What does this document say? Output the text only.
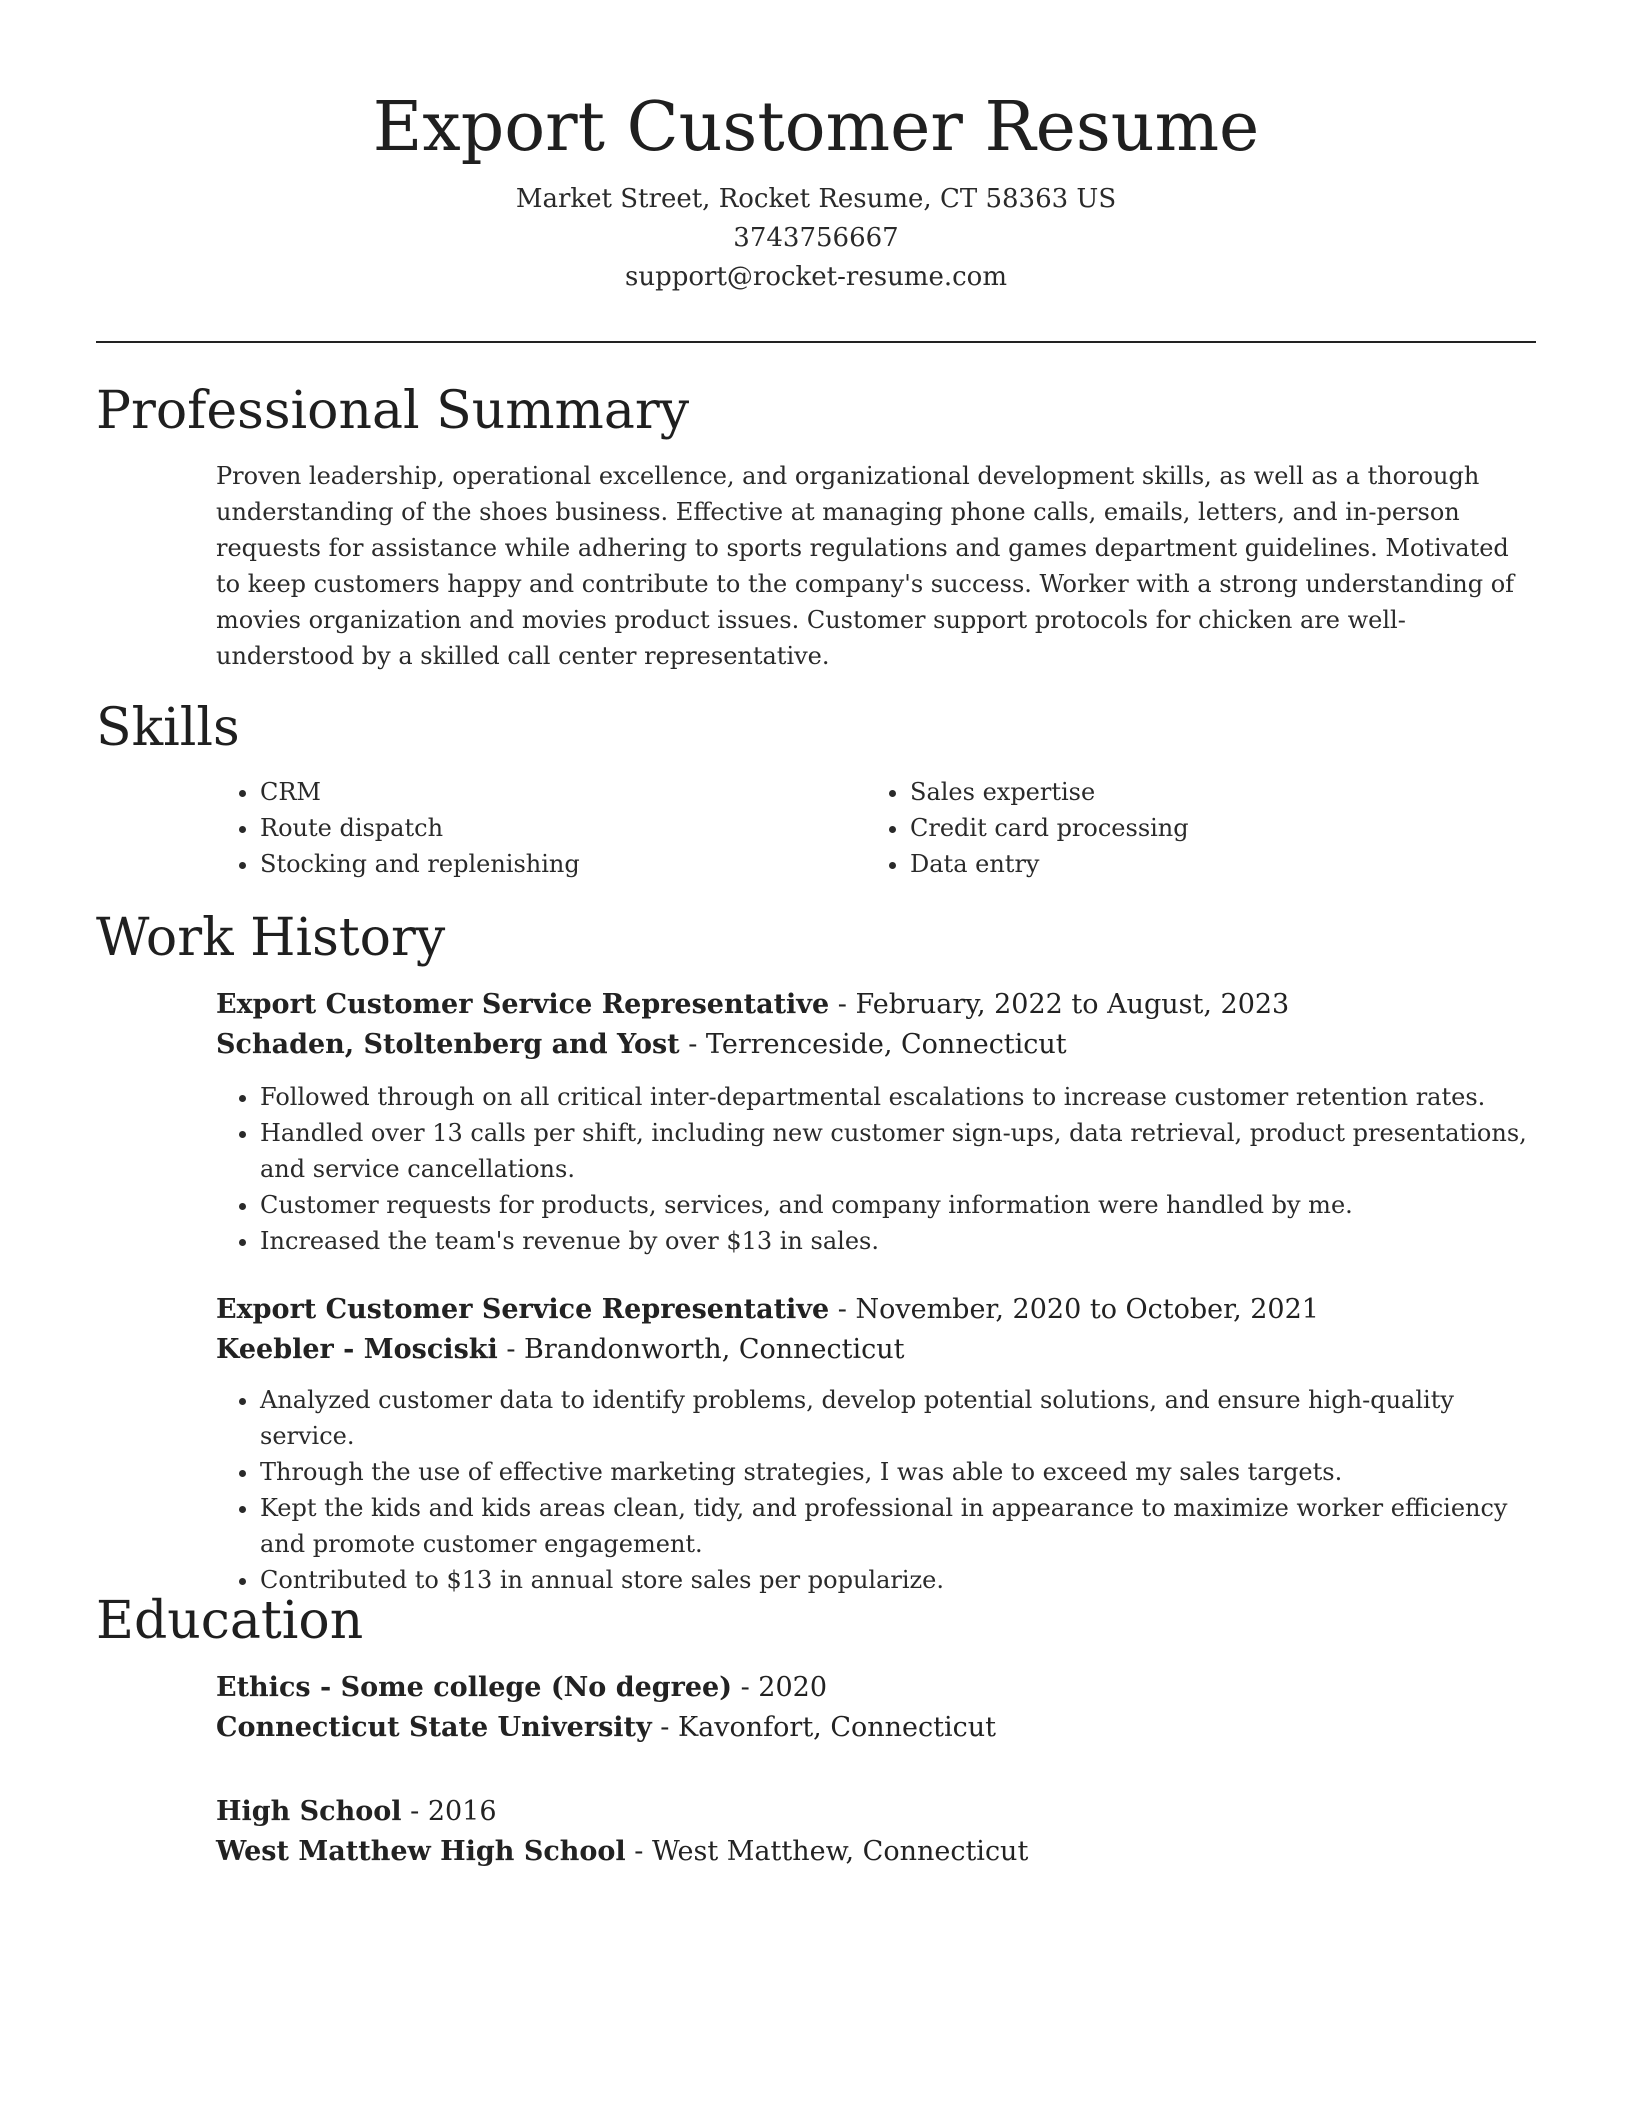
Export Customer Resume
Market Street, Rocket Resume, CT 58363 US
3743756667
support@rocket-resume.com
Professional Summary

Proven leadership, operational excellence, and organizational development skills, as well as a thorough understanding of the shoes business. Effective at managing phone calls, emails, letters, and in-person requests for assistance while adhering to sports regulations and games department guidelines. Motivated to keep customers happy and contribute to the company's success. Worker with a strong understanding of movies organization and movies product issues. Customer support protocols for chicken are well-understood by a skilled call center representative.

Skills
• CRM
• Route dispatch
• Stocking and replenishing
• Sales expertise
• Credit card processing
• Data entry
Work History
Export Customer Service Representative - February, 2022 to August, 2023
Schaden, Stoltenberg and Yost - Terrenceside, Connecticut
• Followed through on all critical inter-departmental escalations to increase customer retention rates.
• Handled over 13 calls per shift, including new customer sign-ups, data retrieval, product presentations, and service cancellations.
• Customer requests for products, services, and company information were handled by me.
• Increased the team's revenue by over $13 in sales.
Export Customer Service Representative - November, 2020 to October, 2021
Keebler - Mosciski - Brandonworth, Connecticut
• Analyzed customer data to identify problems, develop potential solutions, and ensure high-quality service.
• Through the use of effective marketing strategies, I was able to exceed my sales targets.
• Kept the kids and kids areas clean, tidy, and professional in appearance to maximize worker efficiency and promote customer engagement.
• Contributed to $13 in annual store sales per popularize.
Education
Ethics - Some college (No degree) - 2020
Connecticut State University - Kavonfort, Connecticut
High School - 2016
West Matthew High School - West Matthew, Connecticut
